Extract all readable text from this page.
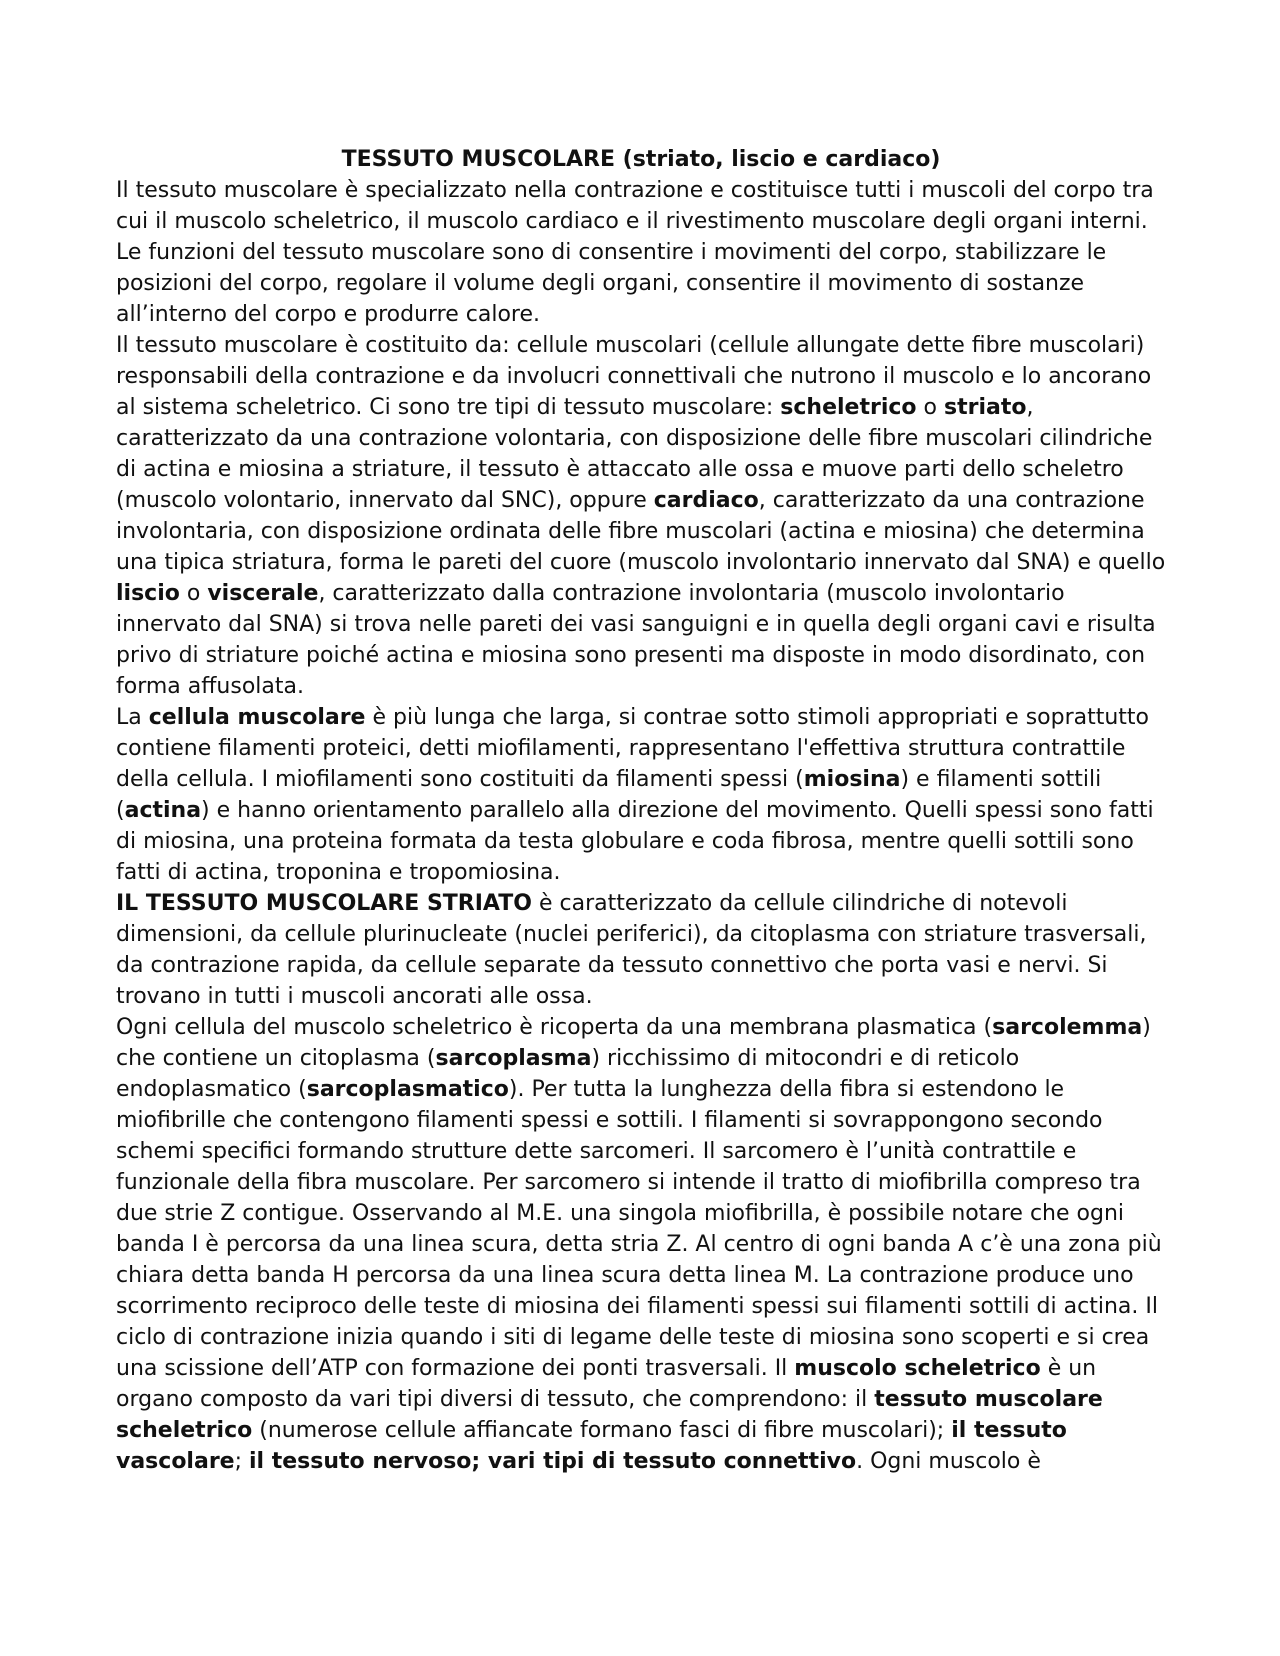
TESSUTO MUSCOLARE (striato, liscio e cardiaco)

Il tessuto muscolare è specializzato nella contrazione e costituisce tutti i muscoli del corpo tra cui il muscolo scheletrico, il muscolo cardiaco e il rivestimento muscolare degli organi interni. Le funzioni del tessuto muscolare sono di consentire i movimenti del corpo, stabilizzare le posizioni del corpo, regolare il volume degli organi, consentire il movimento di sostanze all’interno del corpo e produrre calore.

Il tessuto muscolare è costituito da: cellule muscolari (cellule allungate dette fibre muscolari) responsabili della contrazione e da involucri connettivali che nutrono il muscolo e lo ancorano al sistema scheletrico. Ci sono tre tipi di tessuto muscolare: scheletrico o striato, caratterizzato da una contrazione volontaria, con disposizione delle fibre muscolari cilindriche di actina e miosina a striature, il tessuto è attaccato alle ossa e muove parti dello scheletro (muscolo volontario, innervato dal SNC), oppure cardiaco, caratterizzato da una contrazione involontaria, con disposizione ordinata delle fibre muscolari (actina e miosina) che determina una tipica striatura, forma le pareti del cuore (muscolo involontario innervato dal SNA) e quello liscio o viscerale, caratterizzato dalla contrazione involontaria (muscolo involontario innervato dal SNA) si trova nelle pareti dei vasi sanguigni e in quella degli organi cavi e risulta privo di striature poiché actina e miosina sono presenti ma disposte in modo disordinato, con forma affusolata.

La cellula muscolare è più lunga che larga, si contrae sotto stimoli appropriati e soprattutto contiene filamenti proteici, detti miofilamenti, rappresentano l'effettiva struttura contrattile della cellula. I miofilamenti sono costituiti da filamenti spessi (miosina) e filamenti sottili (actina) e hanno orientamento parallelo alla direzione del movimento. Quelli spessi sono fatti di miosina, una proteina formata da testa globulare e coda fibrosa, mentre quelli sottili sono fatti di actina, troponina e tropomiosina.

IL TESSUTO MUSCOLARE STRIATO è caratterizzato da cellule cilindriche di notevoli dimensioni, da cellule plurinucleate (nuclei periferici), da citoplasma con striature trasversali, da contrazione rapida, da cellule separate da tessuto connettivo che porta vasi e nervi. Si trovano in tutti i muscoli ancorati alle ossa.

Ogni cellula del muscolo scheletrico è ricoperta da una membrana plasmatica (sarcolemma) che contiene un citoplasma (sarcoplasma) ricchissimo di mitocondri e di reticolo endoplasmatico (sarcoplasmatico). Per tutta la lunghezza della fibra si estendono le miofibrille che contengono filamenti spessi e sottili. I filamenti si sovrappongono secondo schemi specifici formando strutture dette sarcomeri. Il sarcomero è l’unità contrattile e funzionale della fibra muscolare. Per sarcomero si intende il tratto di miofibrilla compreso tra due strie Z contigue. Osservando al M.E. una singola miofibrilla, è possibile notare che ogni banda I è percorsa da una linea scura, detta stria Z. Al centro di ogni banda A c’è una zona più chiara detta banda H percorsa da una linea scura detta linea M. La contrazione produce uno scorrimento reciproco delle teste di miosina dei filamenti spessi sui filamenti sottili di actina. Il ciclo di contrazione inizia quando i siti di legame delle teste di miosina sono scoperti e si crea una scissione dell’ATP con formazione dei ponti trasversali. Il muscolo scheletrico è un organo composto da vari tipi diversi di tessuto, che comprendono: il tessuto muscolare scheletrico (numerose cellule affiancate formano fasci di fibre muscolari); il tessuto vascolare; il tessuto nervoso; vari tipi di tessuto connettivo. Ogni muscolo è
